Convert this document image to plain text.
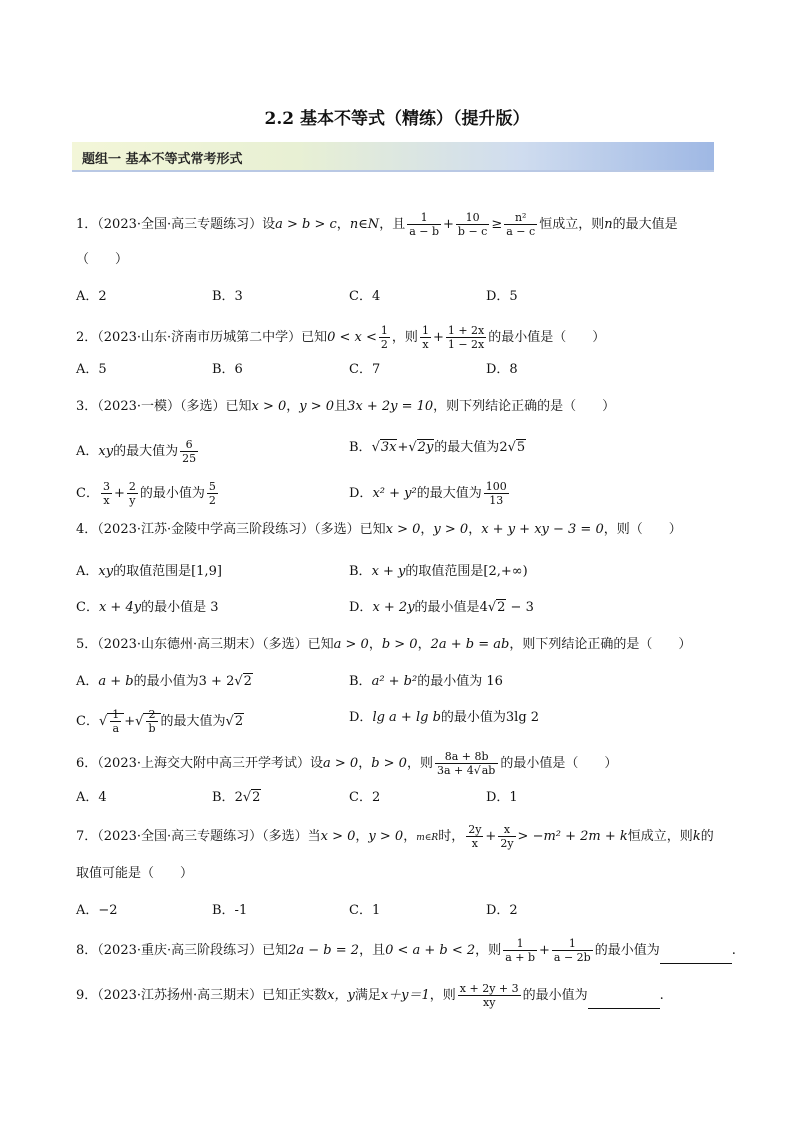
2.2 基本不等式（精练）（提升版）
题组一 基本不等式常考形式
1．（2023·全国·高三专题练习）设a > b > c，n∈N，且 $\frac{1}{a - b} + \frac{10}{b - c} \ge \frac{\text{n²}}{a - c}$ 恒成立，则n的最大值是
（　　）
A．2	B．3	C．4	D．5
2．（2023·山东·济南市历城第二中学）已知$0 < x < \frac{1}{2}$ ，则 $\frac{1}{x} + \frac{1 + 2x}{1 - 2x}$ 的最小值是（　　）
A．5	B．6	C．7	D．8
3．（2023·一模）（多选）已知x > 0，y > 0且3x + 2y = 10，则下列结论正确的是（　　）
A．xy的最大值为 $\frac{6}{25}$	B．√3x+√2y的最大值为2√5
C． $\frac{3}{x} + \frac{2}{y}$ 的最小值为 $\frac{5}{2}$	D．x² + y²的最大值为 $\frac{100}{13}$
4．（2023·江苏·金陵中学高三阶段练习）（多选）已知x > 0，y > 0，x + y + xy − 3 = 0，则（　　）
A．xy的取值范围是[1,9]	B．x + y的取值范围是[2,+∞)
C．x + 4y的最小值是 3	D．x + 2y的最小值是4√2 − 3
5．（2023·山东德州·高三期末）（多选）已知a > 0，b > 0，2a + b = ab，则下列结论正确的是（　　）
A．a + b的最小值为3 + 2√2	B．a² + b²的最小值为 16
C．√ $\frac{1}{a}$ +√ $\frac{2}{b}$ 的最大值为√2	D．lg a + lg b的最小值为3lg 2
6．（2023·上海交大附中高三开学考试）设a > 0，b > 0，则 $\frac{8a + 8b}{3a + 4√ab}$ 的最小值是（　　）
A．4	B．2√2	C．2	D．1
7．（2023·全国·高三专题练习）（多选）当x > 0，y > 0，m∈R时， $\frac{2y}{x} + \frac{x}{2y} > -m^2 + 2m + k$恒成立，则k的
取值可能是（　　）
A．−2	B．-1	C．1	D．2
8．（2023·重庆·高三阶段练习）已知2a − b = 2，且0 < a + b < 2，则 $\frac{1}{a + b} + \frac{1}{a - 2b}$ 的最小值为	.
9．（2023·江苏扬州·高三期末）已知正实数x，y满足x＋y＝1，则 $\frac{x + 2y + 3}{xy}$ 的最小值为	.
